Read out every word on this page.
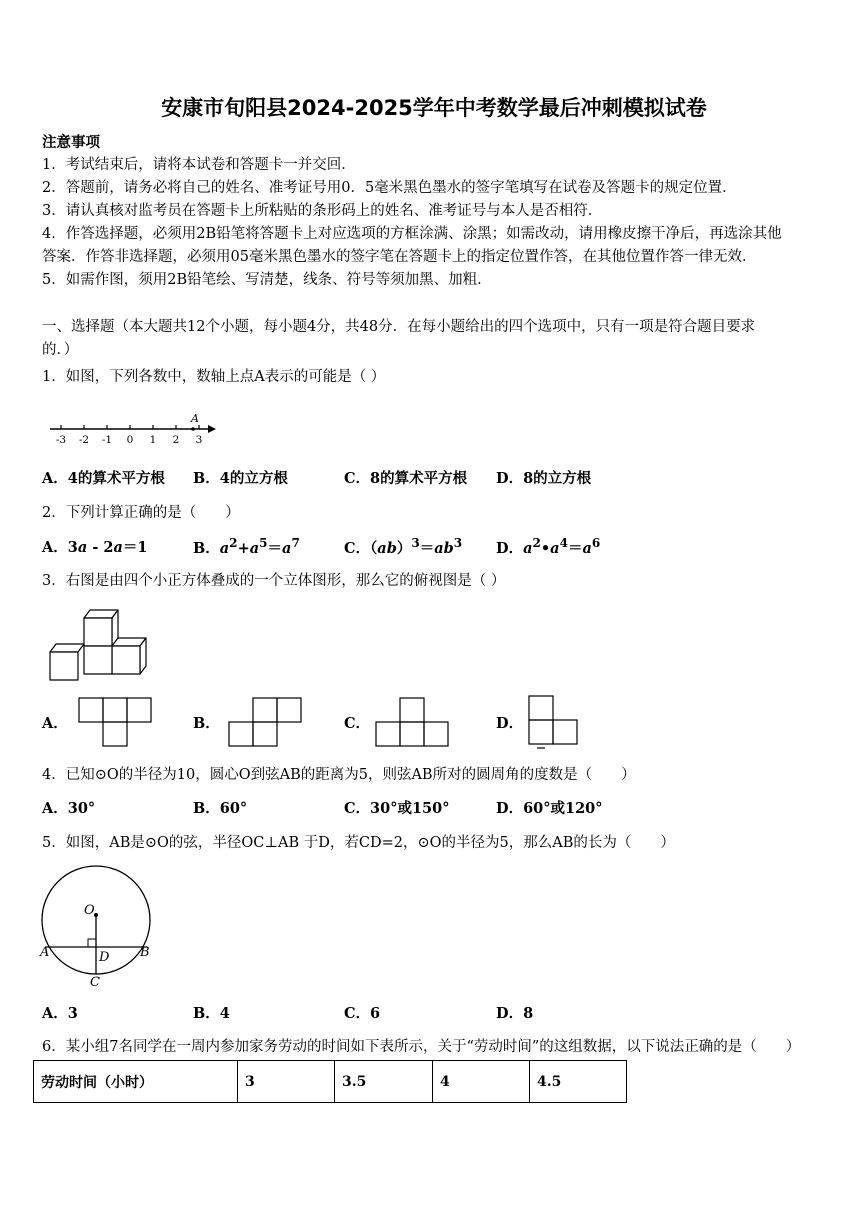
安康市旬阳县2024-2025学年中考数学最后冲刺模拟试卷
注意事项
1．考试结束后，请将本试卷和答题卡一并交回．
2．答题前，请务必将自己的姓名、准考证号用0．5毫米黑色墨水的签字笔填写在试卷及答题卡的规定位置．
3．请认真核对监考员在答题卡上所粘贴的条形码上的姓名、准考证号与本人是否相符．
4．作答选择题，必须用2B铅笔将答题卡上对应选项的方框涂满、涂黑；如需改动，请用橡皮擦干净后，再选涂其他
答案．作答非选择题，必须用05毫米黑色墨水的签字笔在答题卡上的指定位置作答，在其他位置作答一律无效．
5．如需作图，须用2B铅笔绘、写清楚，线条、符号等须加黑、加粗．
一、选择题（本大题共12个小题，每小题4分，共48分．在每小题给出的四个选项中，只有一项是符合题目要求
的．）
1．如图，下列各数中，数轴上点A表示的可能是（ ）
A
-3 -2 -1 0 1 2 3
A．4的算术平方根 B．4的立方根	C．8的算术平方根 D．8的立方根
2．下列计算正确的是（　　）
A．3a - 2a＝1	B．$a^2+a^5=a^7$	C．$(ab)^3=ab^3$ D．$a^2•a^4=a^6$
3．右图是由四个小正方体叠成的一个立体图形，那么它的俯视图是（ ）
A．	B．	C．	D．
4．已知⊙O的半径为10，圆心O到弦AB的距离为5，则弦AB所对的圆周角的度数是（　　）
A．30°	B．60°	C．30°或150°	D．60°或120°
5．如图，AB是⊙O的弦，半径OC⊥AB 于D，若CD=2，⊙O的半径为5，那么AB的长为（　　）
O
A	B
D
C
A．3	B．4	C．6	D．8
6．某小组7名同学在一周内参加家务劳动的时间如下表所示，关于“劳动时间”的这组数据，以下说法正确的是（　　）
劳动时间（小时）	3	3.5	4	4.5
